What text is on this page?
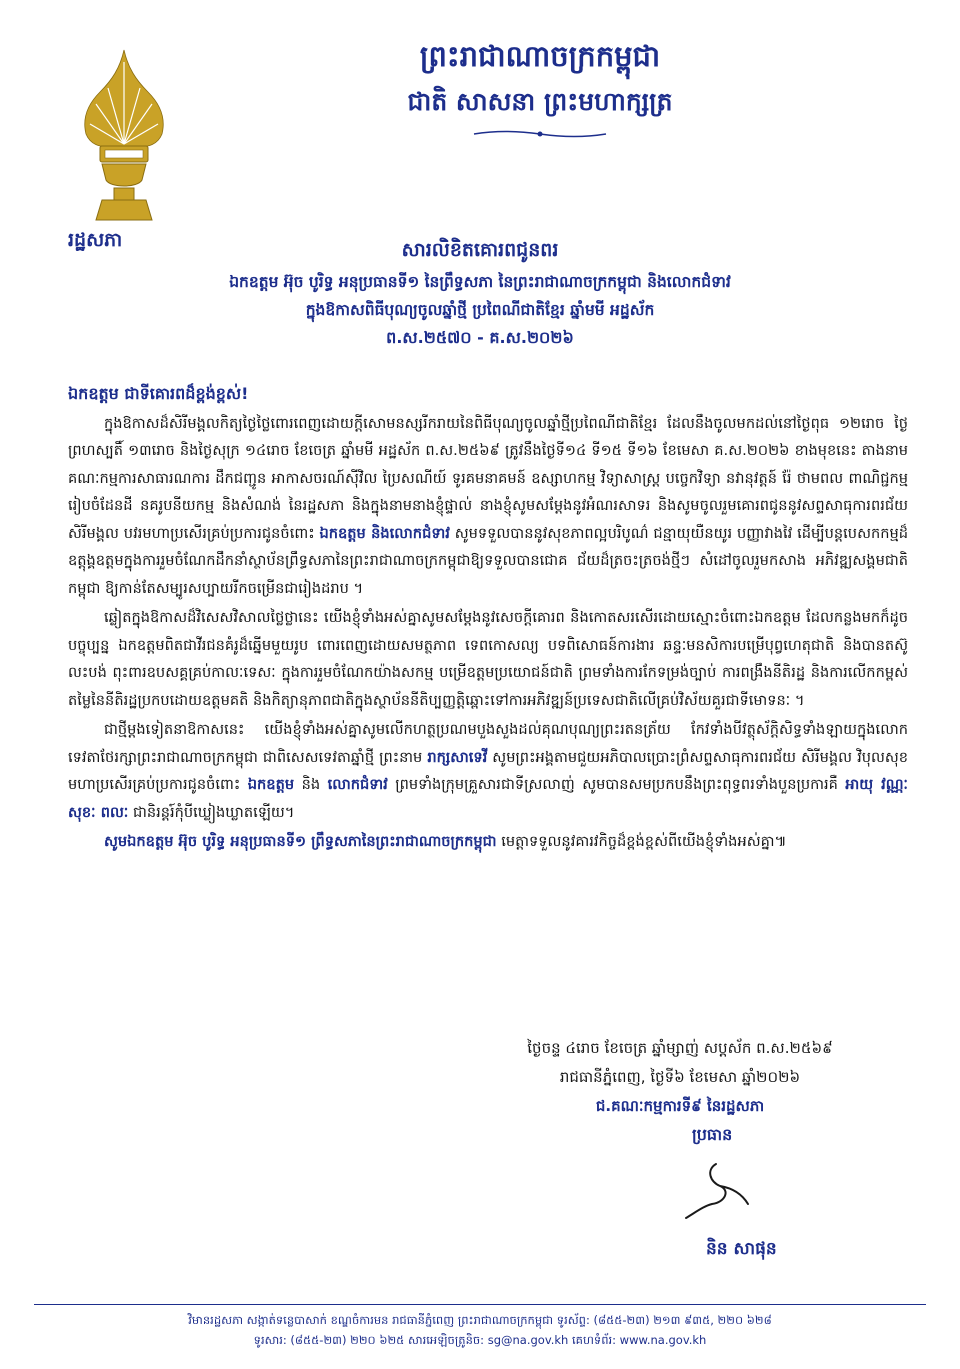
រដ្ឋសភា
ព្រះរាជាណាចក្រកម្ពុជា
ជាតិ សាសនា ព្រះមហាក្សត្រ
សារលិខិតគោរពជូនពរ
ឯកឧត្តម អ៊ុច បូរិទ្ធ អនុប្រធានទី១ នៃព្រឹទ្ធសភា នៃព្រះរាជាណាចក្រកម្ពុជា និងលោកជំទាវ
ក្នុងឱកាសពិធីបុណ្យចូលឆ្នាំថ្មី ប្រពៃណីជាតិខ្មែរ ឆ្នាំមមី អដ្ឋស័ក
ព.ស.២៥៧០ - គ.ស.២០២៦
ឯកឧត្តម ជាទីគោរពដ៏ខ្ពង់ខ្ពស់!

ក្នុងឱកាសដ៏សិរីមង្គលកិត្យថ្ងៃថ្លៃពោរពេញដោយក្តីសោមនស្សរីករាយនៃពិធីបុណ្យចូលឆ្នាំថ្មីប្រពៃណីជាតិខ្មែរ ដែលនឹងចូលមកដល់នៅថ្ងៃពុធ ១២រោច ថ្ងៃព្រហស្បតិ៍ ១៣រោច និងថ្ងៃសុក្រ ១៤រោច ខែចេត្រ ឆ្នាំមមី អដ្ឋស័ក ព.ស.២៥៦៩ ត្រូវនឹងថ្ងៃទី១៤ ទី១៥ ទី១៦ ខែមេសា គ.ស.២០២៦ ខាងមុខនេះ តាងនាមគណៈកម្មការសាធារណការ ដឹកជញ្ជូន អាកាសចរណ៍ស៊ីវិល ប្រៃសណីយ៍ ទូរគមនាគមន៍ ឧស្សាហកម្ម វិទ្យាសាស្ត្រ បច្ចេកវិទ្យា នវានុវត្តន៍ រ៉ែ ថាមពល ពាណិជ្ជកម្ម រៀបចំដែនដី នគរូបនីយកម្ម និងសំណង់ នៃរដ្ឋសភា និងក្នុងនាមនាងខ្ញុំផ្ទាល់ នាងខ្ញុំសូមសម្តែងនូវអំណរសាទរ និងសូមចូលរួមគោរពជូននូវសព្ទសាធុការពរជ័យ សិរីមង្គល បវរមហាប្រសើរគ្រប់ប្រការជូនចំពោះ ឯកឧត្តម និងលោកជំទាវ សូមទទួលបាននូវសុខភាពល្អបរិបូណ៌ ជន្មាយុយឺនយូរ បញ្ញាវាងវៃ ដើម្បីបន្តបេសកកម្មដ៏ឧត្តុង្គឧត្តមក្នុងការរួមចំណែកដឹកនាំស្ថាប័នព្រឹទ្ធសភានៃព្រះរាជាណាចក្រកម្ពុជាឱ្យទទួលបានជោគ ជ័យដ៏ត្រចះត្រចង់ថ្មីៗ សំដៅចូលរួមកសាង អភិវឌ្ឍសង្គមជាតិកម្ពុជា ឱ្យកាន់តែសម្បូរសប្បាយរីកចម្រើនជារៀងដរាប ។

ឆ្លៀតក្នុងឱកាសដ៏វិសេសវិសាលថ្លៃថ្លានេះ យើងខ្ញុំទាំងអស់គ្នាសូមសម្តែងនូវសេចក្តីគោរព និងកោតសរសើរដោយស្មោះចំពោះឯកឧត្តម ដែលកន្លងមកក៏ដូចបច្ចុប្បន្ន ឯកឧត្តមពិតជាវីរជនគំរូដ៏ឆ្នើមមួយរូប ពោរពេញដោយសមត្ថភាព ទេពកោសល្យ បទពិសោធន៍ការងារ ឆន្ទៈមនសិការបម្រើបុព្វហេតុជាតិ និងបានតស៊ូលះបង់ ពុះពារឧបសគ្គគ្រប់កាលៈទេសៈ ក្នុងការរួមចំណែកយ៉ាងសកម្ម បម្រើឧត្តមប្រយោជន៍ជាតិ ព្រមទាំងការកែទម្រង់ច្បាប់ ការពង្រឹងនីតិរដ្ឋ និងការលើកកម្ពស់តម្លៃនៃនីតិរដ្ឋប្រកបដោយឧត្តមគតិ និងកិត្យានុភាពជាតិក្នុងស្ថាប័ននីតិប្បញ្ញត្តិឆ្ពោះទៅការអភិវឌ្ឍន៍ប្រទេសជាតិលើគ្រប់វិស័យគួរជាទីមោទនៈ ។

ជាថ្មីម្តងទៀតនាឱកាសនេះ យើងខ្ញុំទាំងអស់គ្នាសូមលើកហត្ថប្រណមបួងសួងដល់គុណបុណ្យព្រះរតនត្រ័យ កែវទាំងបីវត្ថុស័ក្តិសិទ្ធទាំងឡាយក្នុងលោក ទេវតាថែរក្សាព្រះរាជាណាចក្រកម្ពុជា ជាពិសេសទេវតាឆ្នាំថ្មី ព្រះនាម រាក្សសាទេវី សូមព្រះអង្គតាមជួយអភិបាលប្រោះព្រំសព្ទសាធុការពរជ័យ សិរីមង្គល វិបុលសុខ មហាប្រសើរគ្រប់ប្រការជូនចំពោះ ឯកឧត្តម និង លោកជំទាវ ព្រមទាំងក្រុមគ្រួសារជាទីស្រលាញ់ សូមបានសមប្រកបនឹងព្រះពុទ្ធពរទាំងបួនប្រការគឺ អាយុ វណ្ណៈ សុខៈ ពលៈ ជានិរន្តរ៍កុំបីឃ្លៀងឃ្លាតឡើយ។

សូមឯកឧត្តម អ៊ុច បូរិទ្ធ អនុប្រធានទី១ ព្រឹទ្ធសភានៃព្រះរាជាណាចក្រកម្ពុជា មេត្តាទទួលនូវគារវកិច្ចដ៏ខ្ពង់ខ្ពស់ពីយើងខ្ញុំទាំងអស់គ្នា៕

ថ្ងៃចន្ទ ៤រោច ខែចេត្រ ឆ្នាំម្សាញ់ សប្តស័ក ព.ស.២៥៦៩
រាជធានីភ្នំពេញ, ថ្ងៃទី៦ ខែមេសា ឆ្នាំ២០២៦
ជ.គណៈកម្មការទី៩ នៃរដ្ឋសភា
ប្រធាន
និន សាផុន
វិមានរដ្ឋសភា សង្កាត់ទន្លេបាសាក់ ខណ្ឌចំការមន រាជធានីភ្នំពេញ ព្រះរាជាណាចក្រកម្ពុជា ទូរស័ព្ទ: (៨៥៥-២៣) ២១៣ ៩៣៥, ២២០ ៦២៨
ទូរសារ: (៨៥៥-២៣) ២២០ ៦២៥ សារអេឡិចត្រូនិច: sg@na.gov.kh គេហទំព័រ: www.na.gov.kh
